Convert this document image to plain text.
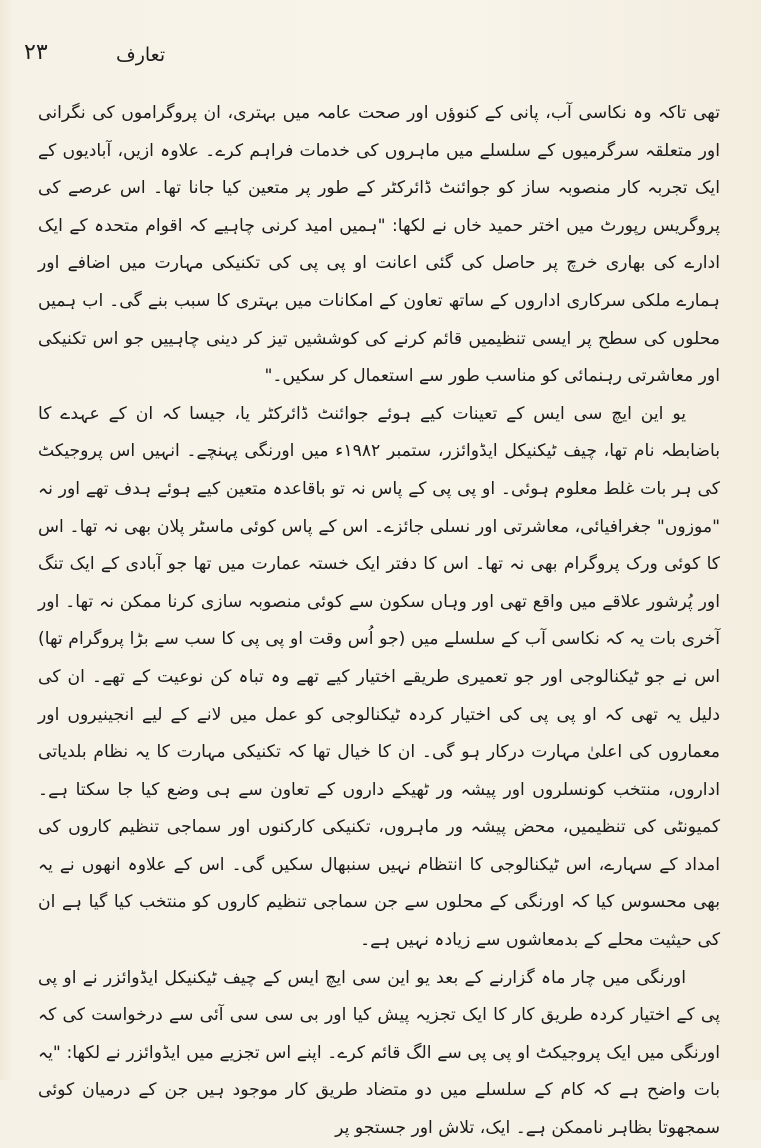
۲۳	تعارف

تھی تاکہ وہ نکاسی آب، پانی کے کنوؤں اور صحت عامہ میں بہتری، ان پروگراموں کی نگرانی اور متعلقہ سرگرمیوں کے سلسلے میں ماہروں کی خدمات فراہم کرے۔ علاوہ ازیں، آبادیوں کے ایک تجربہ کار منصوبہ ساز کو جوائنٹ ڈائرکٹر کے طور پر متعین کیا جانا تھا۔ اس عرصے کی پروگریس رپورٹ میں اختر حمید خاں نے لکھا: "ہمیں امید کرنی چاہیے کہ اقوام متحدہ کے ایک ادارے کی بھاری خرچ پر حاصل کی گئی اعانت او پی پی کی تکنیکی مہارت میں اضافے اور ہمارے ملکی سرکاری اداروں کے ساتھ تعاون کے امکانات میں بہتری کا سبب بنے گی۔ اب ہمیں محلوں کی سطح پر ایسی تنظیمیں قائم کرنے کی کوششیں تیز کر دینی چاہییں جو اس تکنیکی اور معاشرتی رہنمائی کو مناسب طور سے استعمال کر سکیں۔"

یو این ایچ سی ایس کے تعینات کیے ہوئے جوائنٹ ڈائرکٹر یا، جیسا کہ ان کے عہدے کا باضابطہ نام تھا، چیف ٹیکنیکل ایڈوائزر، ستمبر ۱۹۸۲ء میں اورنگی پہنچے۔ انہیں اس پروجیکٹ کی ہر بات غلط معلوم ہوئی۔ او پی پی کے پاس نہ تو باقاعدہ متعین کیے ہوئے ہدف تھے اور نہ "موزوں" جغرافیائی، معاشرتی اور نسلی جائزے۔ اس کے پاس کوئی ماسٹر پلان بھی نہ تھا۔ اس کا کوئی ورک پروگرام بھی نہ تھا۔ اس کا دفتر ایک خستہ عمارت میں تھا جو آبادی کے ایک تنگ اور پُرشور علاقے میں واقع تھی اور وہاں سکون سے کوئی منصوبہ سازی کرنا ممکن نہ تھا۔ اور آخری بات یہ کہ نکاسی آب کے سلسلے میں (جو اُس وقت او پی پی کا سب سے بڑا پروگرام تھا) اس نے جو ٹیکنالوجی اور جو تعمیری طریقے اختیار کیے تھے وہ تباہ کن نوعیت کے تھے۔ ان کی دلیل یہ تھی کہ او پی پی کی اختیار کردہ ٹیکنالوجی کو عمل میں لانے کے لیے انجینیروں اور معماروں کی اعلیٰ مہارت درکار ہو گی۔ ان کا خیال تھا کہ تکنیکی مہارت کا یہ نظام بلدیاتی اداروں، منتخب کونسلروں اور پیشہ ور ٹھیکے داروں کے تعاون سے ہی وضع کیا جا سکتا ہے۔ کمیونٹی کی تنظیمیں، محض پیشہ ور ماہروں، تکنیکی کارکنوں اور سماجی تنظیم کاروں کی امداد کے سہارے، اس ٹیکنالوجی کا انتظام نہیں سنبھال سکیں گی۔ اس کے علاوہ انھوں نے یہ بھی محسوس کیا کہ اورنگی کے محلوں سے جن سماجی تنظیم کاروں کو منتخب کیا گیا ہے ان کی حیثیت محلے کے بدمعاشوں سے زیادہ نہیں ہے۔

اورنگی میں چار ماہ گزارنے کے بعد یو این سی ایچ ایس کے چیف ٹیکنیکل ایڈوائزر نے او پی پی کے اختیار کردہ طریق کار کا ایک تجزیہ پیش کیا اور بی سی سی آئی سے درخواست کی کہ اورنگی میں ایک پروجیکٹ او پی پی سے الگ قائم کرے۔ اپنے اس تجزیے میں ایڈوائزر نے لکھا: "یہ بات واضح ہے کہ کام کے سلسلے میں دو متضاد طریق کار موجود ہیں جن کے درمیان کوئی سمجھوتا بظاہر ناممکن ہے۔ ایک، تلاش اور جستجو پر
